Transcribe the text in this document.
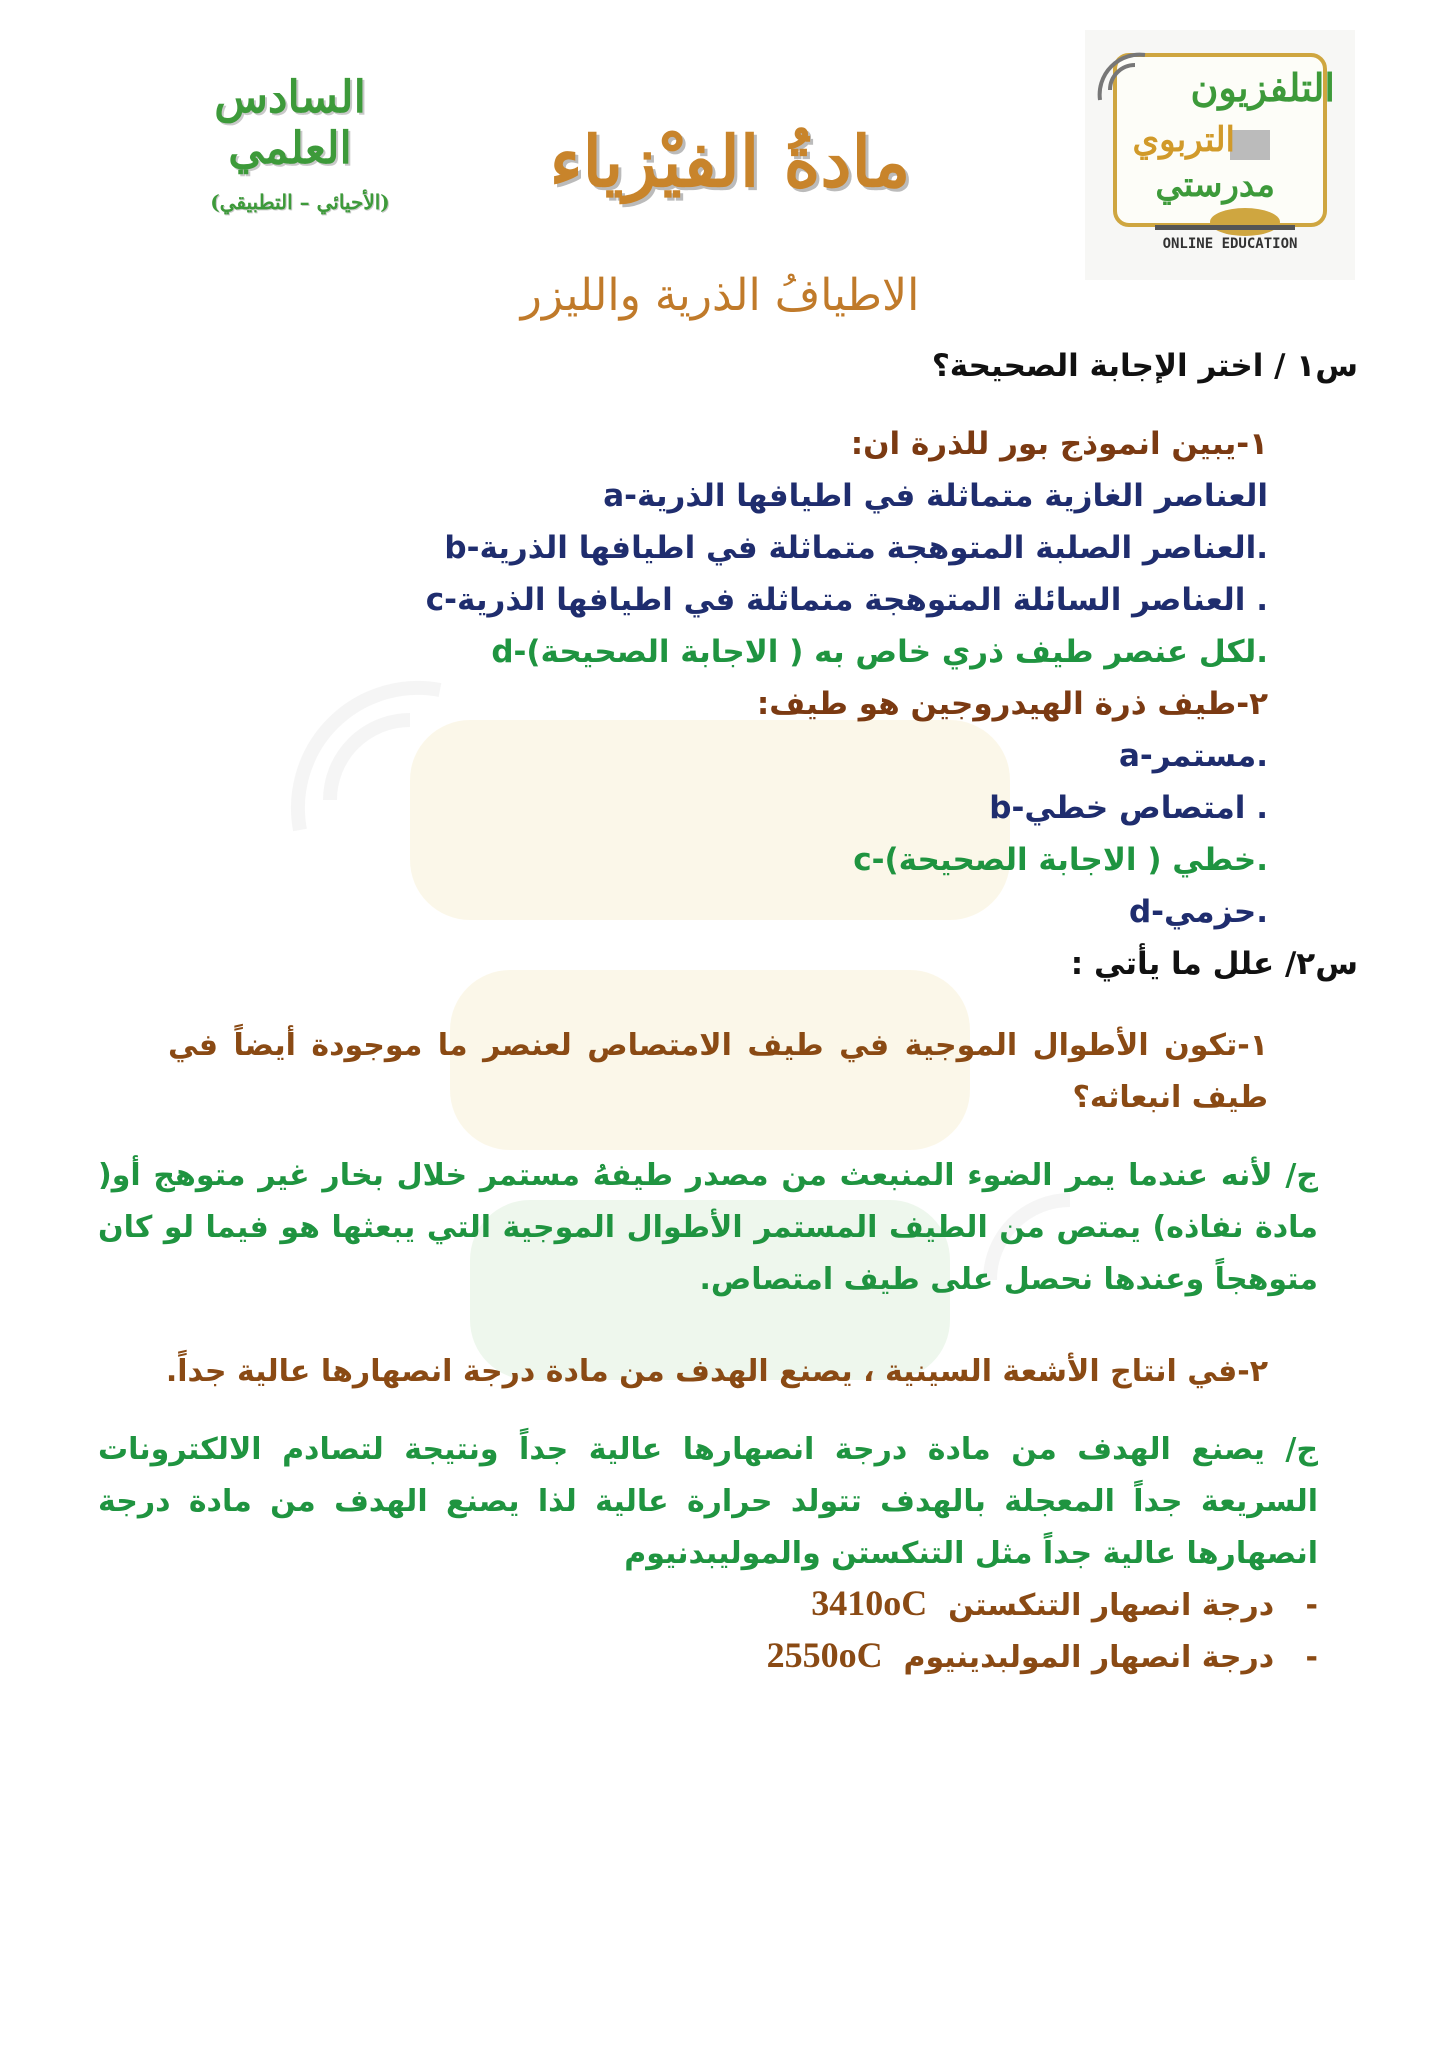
السادس العلمي
(الأحيائي – التطبيقي)	مادةُ الفيْزياء
التلفزيون
التربوي
مدرستي
ONLINE EDUCATION
الاطيافُ الذرية والليزر
س١ / اختر الإجابة الصحيحة؟
١-يبين انموذج بور للذرة ان:
a-العناصر الغازية متماثلة في اطيافها الذرية
b-العناصر الصلبة المتوهجة متماثلة في اطيافها الذرية.
c-العناصر السائلة المتوهجة متماثلة في اطيافها الذرية .
d-لكل عنصر طيف ذري خاص به ( الاجابة الصحيحة).
٢-طيف ذرة الهيدروجين هو طيف:
a-مستمر.
b-امتصاص خطي .
c-خطي ( الاجابة الصحيحة).
d-حزمي.
س٢/ علل ما يأتي :
١-تكون الأطوال الموجية في طيف الامتصاص لعنصر ما موجودة أيضاً في طيف انبعاثه؟
ج/ لأنه عندما يمر الضوء المنبعث من مصدر طيفهُ مستمر خلال بخار غير متوهج أو( مادة نفاذه) يمتص من الطيف المستمر الأطوال الموجية التي يبعثها هو فيما لو كان متوهجاً وعندها نحصل على طيف امتصاص.
٢-في انتاج الأشعة السينية ، يصنع الهدف من مادة درجة انصهارها عالية جداً.
ج/ يصنع الهدف من مادة درجة انصهارها عالية جداً ونتيجة لتصادم الالكترونات السريعة جداً المعجلة بالهدف تتولد حرارة عالية لذا يصنع الهدف من مادة درجة انصهارها عالية جداً مثل التنكستن والموليبدنيوم
-   درجة انصهار التنكستن  3410oC
-   درجة انصهار المولبدينيوم  2550oC
